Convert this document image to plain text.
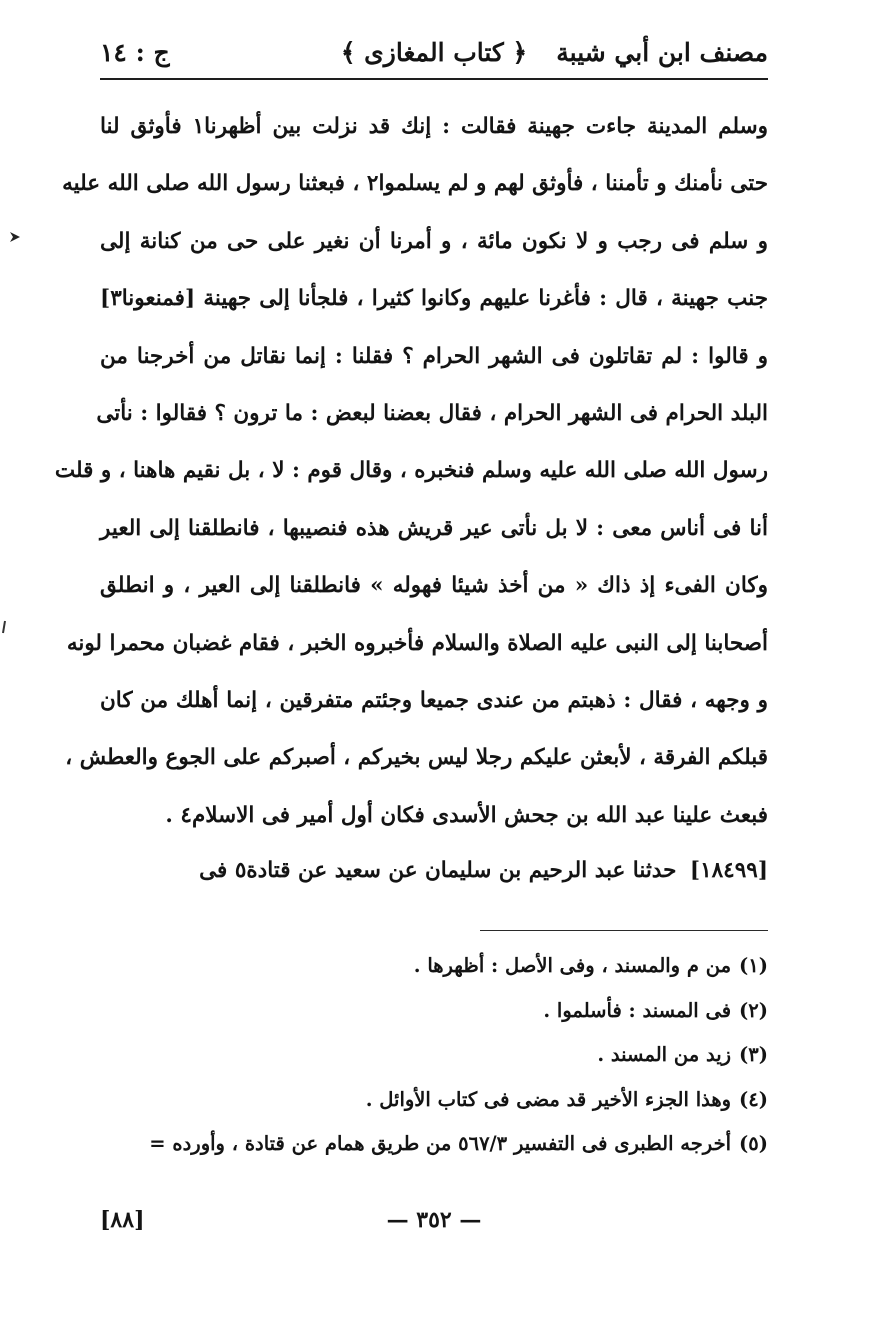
مصنف ابن أبي شيبة
﴿ كتاب المغازى ﴾
ج : ١٤
وسلم المدينة جاءت جهينة فقالت : إنك قد نزلت بين أظهرنا١ فأوثق لنا
حتى نأمنك و تأمننا ، فأوثق لهم و لم يسلموا٢ ، فبعثنا رسول الله صلى الله عليه
و سلم فى رجب و لا نكون مائة ، و أمرنا أن نغير على حى من كنانة إلى
جنب جهينة ، قال : فأغرنا عليهم وكانوا كثيرا ، فلجأنا إلى جهينة [فمنعونا٣]
و قالوا : لم تقاتلون فى الشهر الحرام ؟ فقلنا : إنما نقاتل من أخرجنا من
البلد الحرام فى الشهر الحرام ، فقال بعضنا لبعض : ما ترون ؟ فقالوا : نأتى
رسول الله صلى الله عليه وسلم فنخبره ، وقال قوم : لا ، بل نقيم هاهنا ، و قلت
أنا فى أناس معى : لا بل نأتى عير قريش هذه فنصيبها ، فانطلقنا إلى العير
وكان الفىء إذ ذاك « من أخذ شيئا فهوله » فانطلقنا إلى العير ، و انطلق
أصحابنا إلى النبى عليه الصلاة والسلام فأخبروه الخبر ، فقام غضبان محمرا لونه
و وجهه ، فقال : ذهبتم من عندى جميعا وجئتم متفرقين ، إنما أهلك من كان
قبلكم الفرقة ، لأبعثن عليكم رجلا ليس بخيركم ، أصبركم على الجوع والعطش ،
فبعث علينا عبد الله بن جحش الأسدى فكان أول أمير فى الاسلام٤ .
[١٨٤٩٩] حدثنا عبد الرحيم بن سليمان عن سعيد عن قتادة٥ فى
(١)من م والمسند ، وفى الأصل : أظهرها .
(٢)فى المسند : فأسلموا .
(٣)زيد من المسند .
(٤)وهذا الجزء الأخير قد مضى فى كتاب الأوائل .
(٥)أخرجه الطبرى فى التفسير ٥٦٧/٣ من طريق همام عن قتادة ، وأورده =
— ٣٥٢ —
[٨٨]
